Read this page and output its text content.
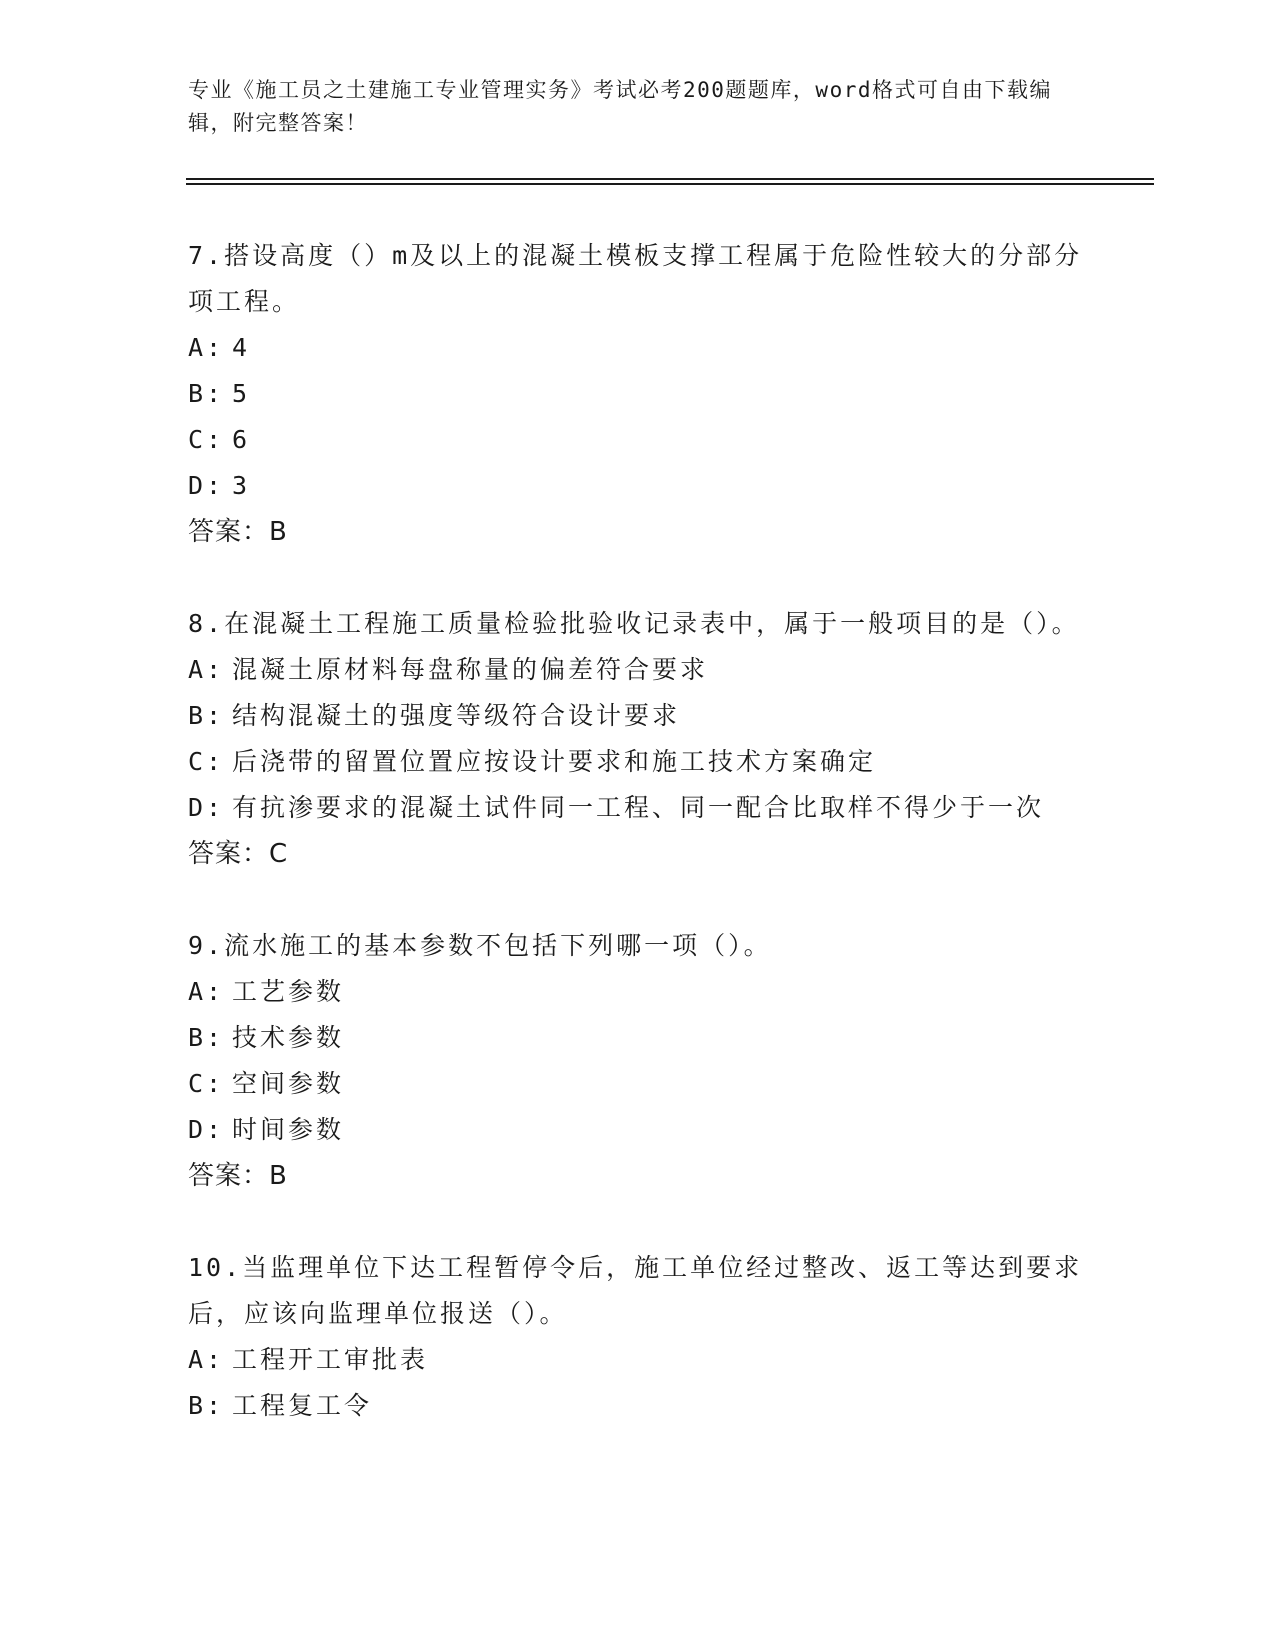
专业《施工员之土建施工专业管理实务》考试必考200题题库，word格式可自由下载编辑，附完整答案！

7.搭设高度（）m及以上的混凝土模板支撑工程属于危险性较大的分部分项工程。

A: 4

B: 5

C: 6

D: 3

答案：B

8.在混凝土工程施工质量检验批验收记录表中，属于一般项目的是（）。

A: 混凝土原材料每盘称量的偏差符合要求

B: 结构混凝土的强度等级符合设计要求

C: 后浇带的留置位置应按设计要求和施工技术方案确定

D: 有抗渗要求的混凝土试件同一工程、同一配合比取样不得少于一次

答案：C

9.流水施工的基本参数不包括下列哪一项（）。

A: 工艺参数

B: 技术参数

C: 空间参数

D: 时间参数

答案：B

10.当监理单位下达工程暂停令后，施工单位经过整改、返工等达到要求后，应该向监理单位报送（）。

A: 工程开工审批表

B: 工程复工令
